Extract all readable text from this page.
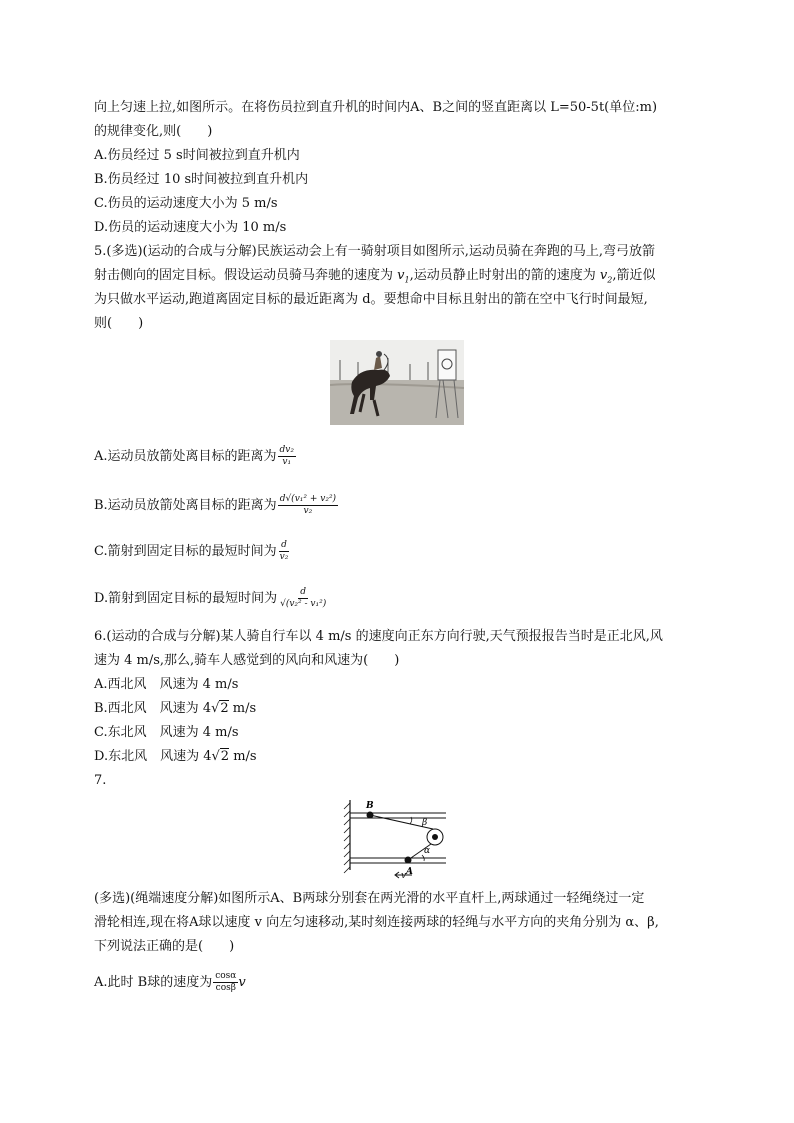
向上匀速上拉,如图所示。在将伤员拉到直升机的时间内A、B之间的竖直距离以 L=50-5t(单位:m)
的规律变化,则(　　)
A.伤员经过 5 s时间被拉到直升机内
B.伤员经过 10 s时间被拉到直升机内
C.伤员的运动速度大小为 5 m/s
D.伤员的运动速度大小为 10 m/s
5.(多选)(运动的合成与分解)民族运动会上有一骑射项目如图所示,运动员骑在奔跑的马上,弯弓放箭
射击侧向的固定目标。假设运动员骑马奔驰的速度为 $v_1$,运动员静止时射出的箭的速度为 $v_2$,箭近似
为只做水平运动,跑道离固定目标的最近距离为 d。要想命中目标且射出的箭在空中飞行时间最短,
则(　　)
A.运动员放箭处离目标的距离为 $\frac{\text{dv₂}}{\text{v₁}}$
B.运动员放箭处离目标的距离为 $\frac{\text{d√(v₁² + v₂²)}}{\text{v₂}}$
C.箭射到固定目标的最短时间为 $\frac{d}{\text{v₂}}$
D.箭射到固定目标的最短时间为 $\frac{d}{\text{√(v₂² - v₁²)}}$
6.(运动的合成与分解)某人骑自行车以 4 m/s 的速度向正东方向行驶,天气预报报告当时是正北风,风
速为 4 m/s,那么,骑车人感觉到的风向和风速为(　　)
A.西北风　风速为 4 m/s
B.西北风　风速为 4√2 m/s
C.东北风　风速为 4 m/s
D.东北风　风速为 4√2 m/s
7.
B
A
β
α
v
(多选)(绳端速度分解)如图所示A、B两球分别套在两光滑的水平直杆上,两球通过一轻绳绕过一定
滑轮相连,现在将A球以速度 v 向左匀速移动,某时刻连接两球的轻绳与水平方向的夹角分别为 α、β,
下列说法正确的是(　　)
A.此时 B球的速度为 $\frac{\cos\alpha}{\cos\beta}$ v
